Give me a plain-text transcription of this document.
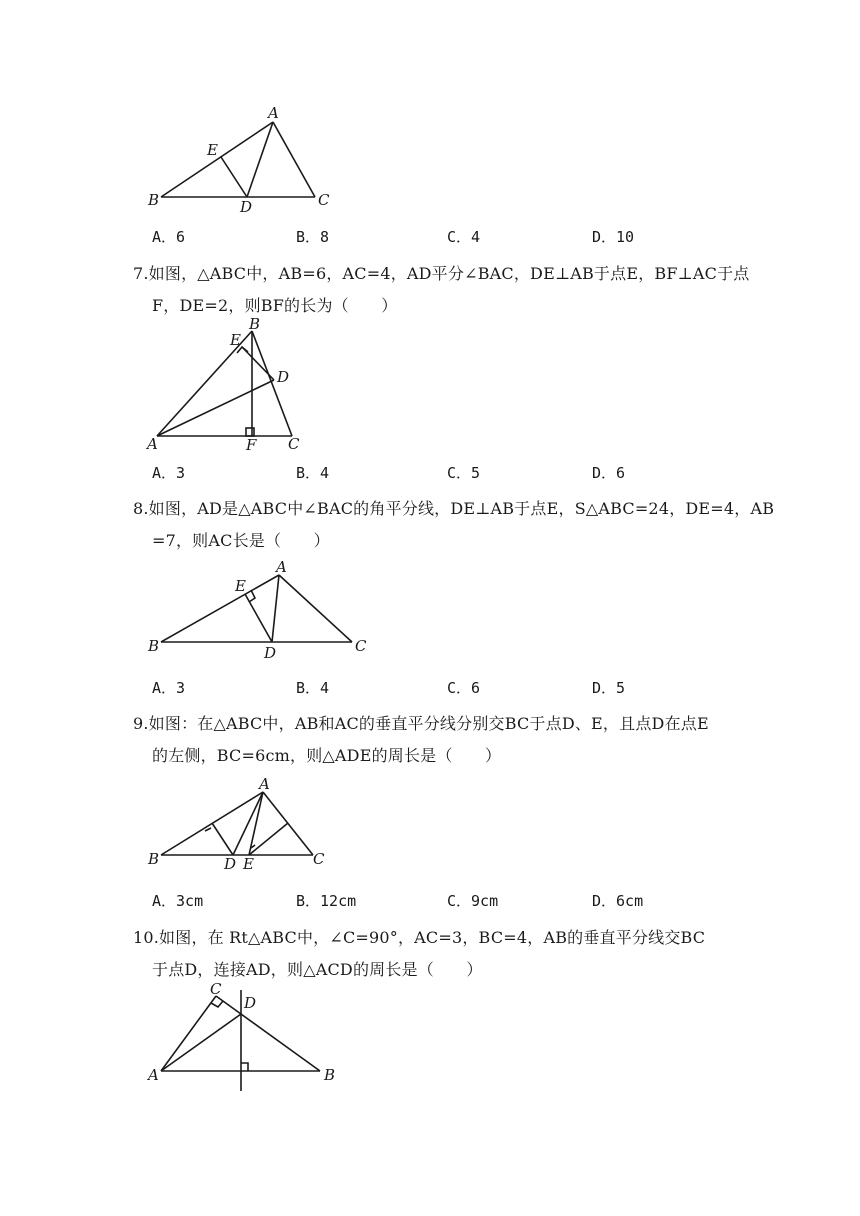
A
B	C
D
E
A．6	B．8	C．4	D．10
7.如图，△ABC中，AB=6，AC=4，AD平分∠BAC，DE⊥AB于点E，BF⊥AC于点
F，DE=2，则BF的长为（　　）
A
B
C
D
E
F
A．3	B．4	C．5	D．6
8.如图，AD是△ABC中∠BAC的角平分线，DE⊥AB于点E，S△ABC=24，DE=4，AB
=7，则AC长是（　　）
A
B	C
D
E
A．3	B．4	C．6	D．5
9.如图：在△ABC中，AB和AC的垂直平分线分别交BC于点D、E，且点D在点E
的左侧，BC=6cm，则△ADE的周长是（　　）
A
B	C
D E
A．3cm	B．12cm	C．9cm	D．6cm
10.如图，在 Rt△ABC中，∠C=90°，AC=3，BC=4，AB的垂直平分线交BC
于点D，连接AD，则△ACD的周长是（　　）
A	B
C
D
